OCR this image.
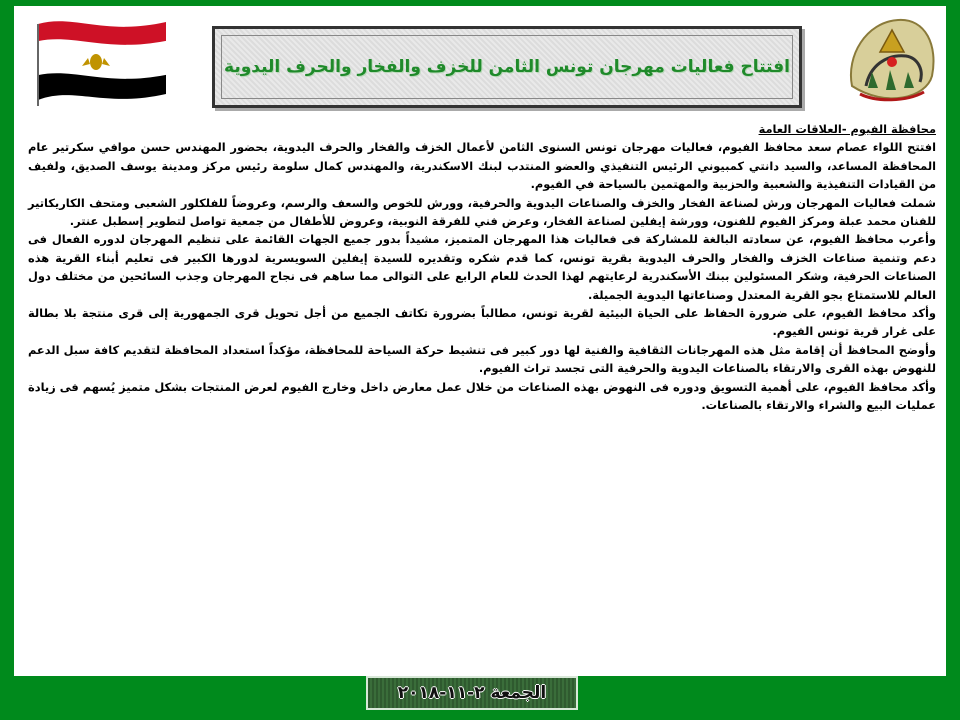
افتتاح فعاليات مهرجان تونس الثامن للخزف والفخار والحرف اليدوية

محافظة الفيوم -العلاقات العامة

افتتح اللواء عصام سعد محافظ الفيوم، فعاليات مهرجان تونس السنوى الثامن لأعمال الخزف والفخار والحرف اليدوية، بحضور المهندس حسن موافي سكرتير عام المحافظة المساعد، والسيد دانتي كمبيوني الرئيس التنفيذي والعضو المنتدب لبنك الاسكندرية، والمهندس كمال سلومة رئيس مركز ومدينة يوسف الصديق، ولفيف من القيادات التنفيذية والشعبية والحزبية والمهتمين بالسياحة في الفيوم.

شملت فعاليات المهرجان ورش لصناعة الفخار والخزف والصناعات اليدوية والحرفية، وورش للخوص والسعف والرسم، وعروضاً للفلكلور الشعبى ومتحف الكاريكاتير للفنان محمد عبلة ومركز الفيوم للفنون، وورشة إيفلين لصناعة الفخار، وعرض فني للفرقة النوبية، وعروض للأطفال من جمعية تواصل لتطوير إسطبل عنتر.

وأعرب محافظ الفيوم، عن سعادته البالغة للمشاركة فى فعاليات هذا المهرجان المتميز، مشيداً بدور جميع الجهات القائمة على تنظيم المهرجان لدوره الفعال فى دعم وتنمية صناعات الخزف والفخار والحرف اليدوية بقرية تونس، كما قدم شكره وتقديره للسيدة إيفلين السويسرية لدورها الكبير فى تعليم أبناء القرية هذه الصناعات الحرفية، وشكر المسئولين ببنك الأسكندرية لرعايتهم لهذا الحدث للعام الرابع على التوالى مما ساهم فى نجاح المهرجان وجذب السائحين من مختلف دول العالم للاستمتاع بجو القرية المعتدل وصناعاتها اليدوية الجميلة.

وأكد محافظ الفيوم، على ضرورة الحفاظ على الحياة البيئية لقرية تونس، مطالباً بضرورة تكاتف الجميع من أجل تحويل قرى الجمهورية إلى قرى منتجة بلا بطالة على غرار قرية تونس الفيوم.

وأوضح المحافظ أن إقامة مثل هذه المهرجانات الثقافية والفنية لها دور كبير فى تنشيط حركة السياحة للمحافظة، مؤكداً استعداد المحافظة لتقديم كافة سبل الدعم للنهوض بهذه القرى والارتقاء بالصناعات اليدوية والحرفية التى تجسد تراث الفيوم.

وأكد محافظ الفيوم، على أهمية التسويق ودوره فى النهوض بهذه الصناعات من خلال عمل معارض داخل وخارج الفيوم لعرض المنتجات بشكل متميز يُسهم فى زيادة عمليات البيع والشراء والارتقاء بالصناعات.

الجمعة ٢-١١-٢٠١٨
